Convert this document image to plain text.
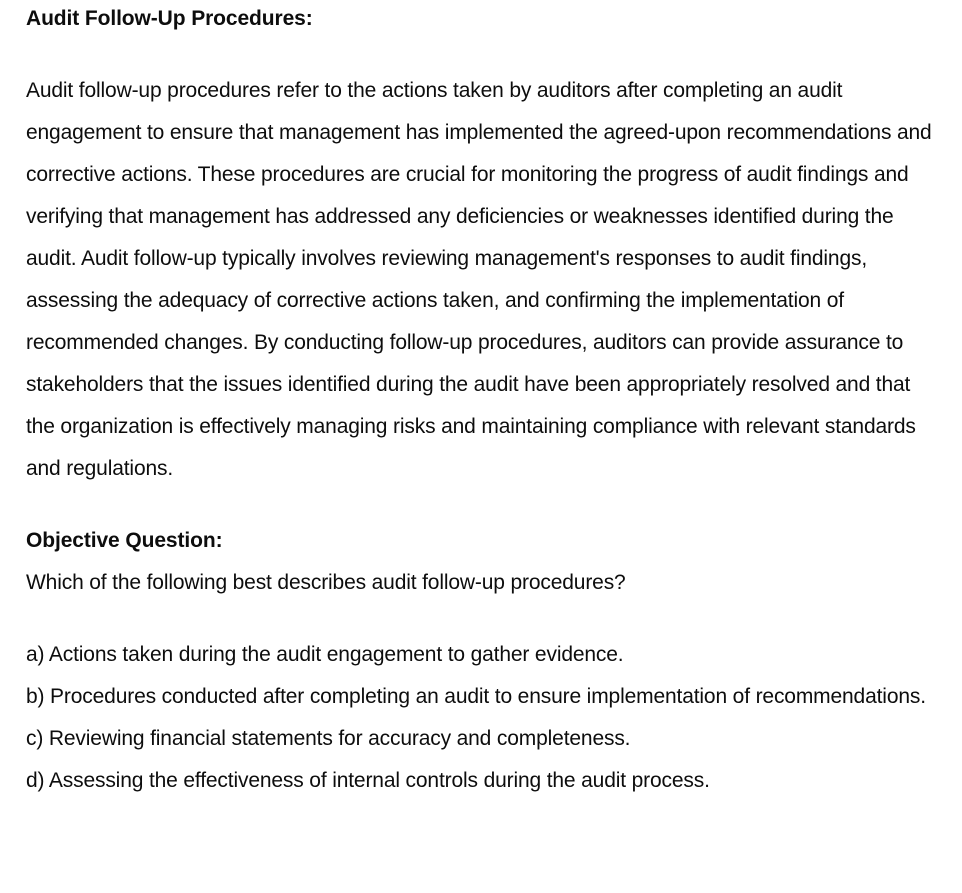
Audit Follow-Up Procedures:

Audit follow-up procedures refer to the actions taken by auditors after completing an audit engagement to ensure that management has implemented the agreed-upon recommendations and corrective actions. These procedures are crucial for monitoring the progress of audit findings and verifying that management has addressed any deficiencies or weaknesses identified during the audit. Audit follow-up typically involves reviewing management's responses to audit findings, assessing the adequacy of corrective actions taken, and confirming the implementation of recommended changes. By conducting follow-up procedures, auditors can provide assurance to stakeholders that the issues identified during the audit have been appropriately resolved and that the organization is effectively managing risks and maintaining compliance with relevant standards and regulations.

Objective Question:

Which of the following best describes audit follow-up procedures?

a) Actions taken during the audit engagement to gather evidence.

b) Procedures conducted after completing an audit to ensure implementation of recommendations.

c) Reviewing financial statements for accuracy and completeness.

d) Assessing the effectiveness of internal controls during the audit process.
